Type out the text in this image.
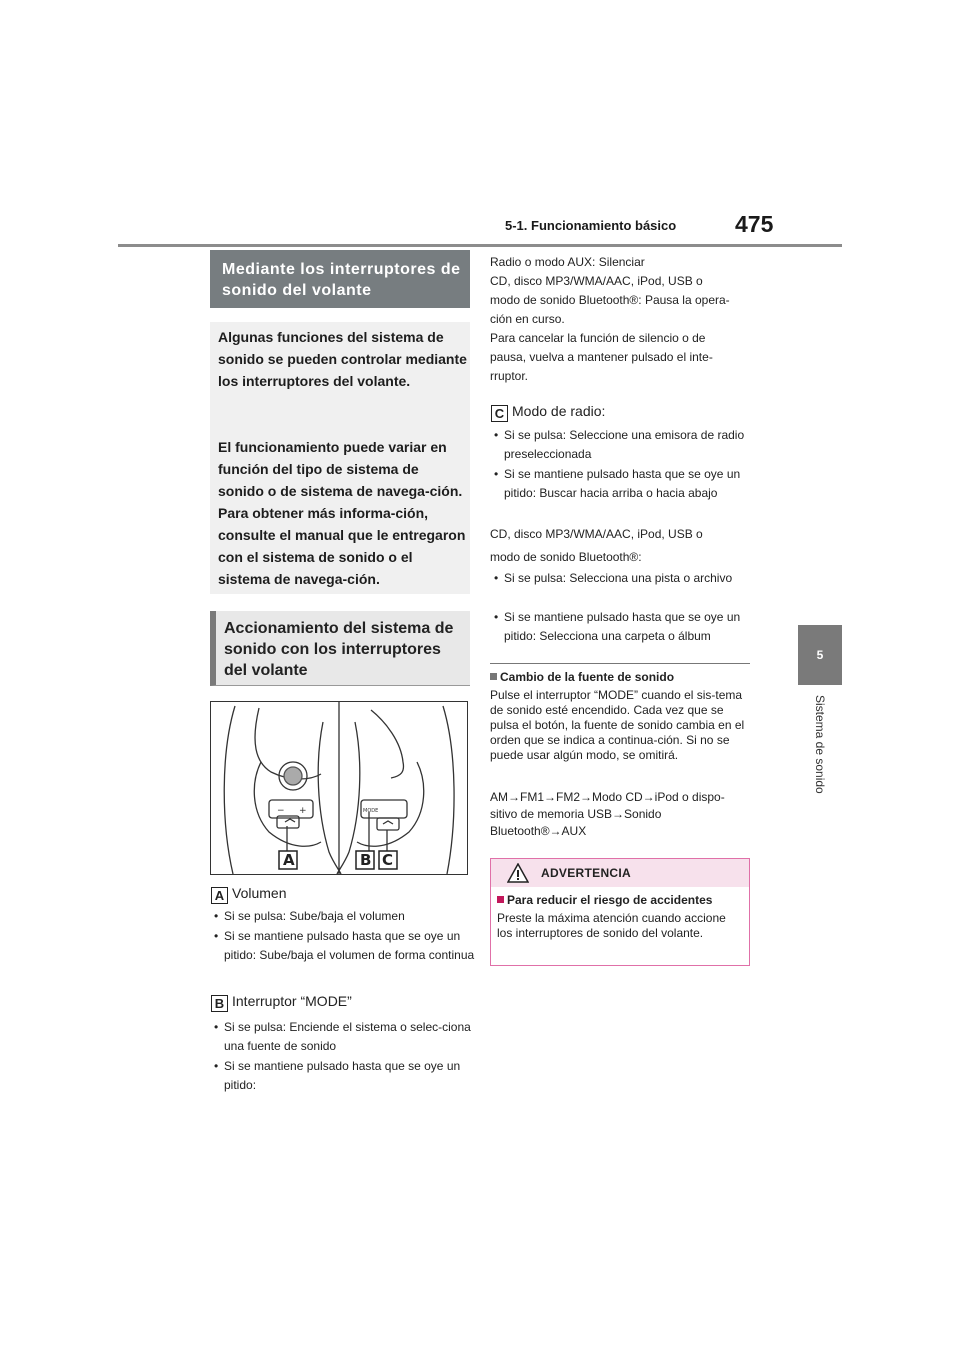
5-1. Funcionamiento básico	475
5
Sistema de sonido
Mediante los interruptores de sonido del volante

Algunas funciones del sistema de sonido se pueden controlar mediante los interruptores del volante.

El funcionamiento puede variar en función del tipo de sistema de sonido o de sistema de navega-ción. Para obtener más informa-ción, consulte el manual que le entregaron con el sistema de sonido o el sistema de navega-ción.

Accionamiento del sistema de sonido con los interruptores del volante
− +	MODE
A	B C
A Volumen
• Si se pulsa: Sube/baja el volumen
• Si se mantiene pulsado hasta que se oye un pitido: Sube/baja el volumen de forma continua
B Interruptor “MODE”
• Si se pulsa: Enciende el sistema o selec-ciona una fuente de sonido
• Si se mantiene pulsado hasta que se oye un pitido:
Radio o modo AUX: Silenciar
CD, disco MP3/WMA/AAC, iPod, USB o
modo de sonido Bluetooth®: Pausa la opera-
ción en curso.
Para cancelar la función de silencio o de
pausa, vuelva a mantener pulsado el inte-
rruptor.
C Modo de radio:
• Si se pulsa: Seleccione una emisora de radio preseleccionada
• Si se mantiene pulsado hasta que se oye un pitido: Buscar hacia arriba o hacia abajo
CD, disco MP3/WMA/AAC, iPod, USB o
modo de sonido Bluetooth®:
• Si se pulsa: Selecciona una pista o archivo
• Si se mantiene pulsado hasta que se oye un pitido: Selecciona una carpeta o álbum
Cambio de la fuente de sonido
Pulse el interruptor “MODE” cuando el sis-tema de sonido esté encendido. Cada vez que se pulsa el botón, la fuente de sonido cambia en el orden que se indica a continua-ción. Si no se puede usar algún modo, se omitirá.
AM→FM1→FM2→Modo CD→iPod o dispo-sitivo de memoria USB→Sonido Bluetooth®→AUX
ADVERTENCIA
Para reducir el riesgo de accidentes
Preste la máxima atención cuando accione los interruptores de sonido del volante.
